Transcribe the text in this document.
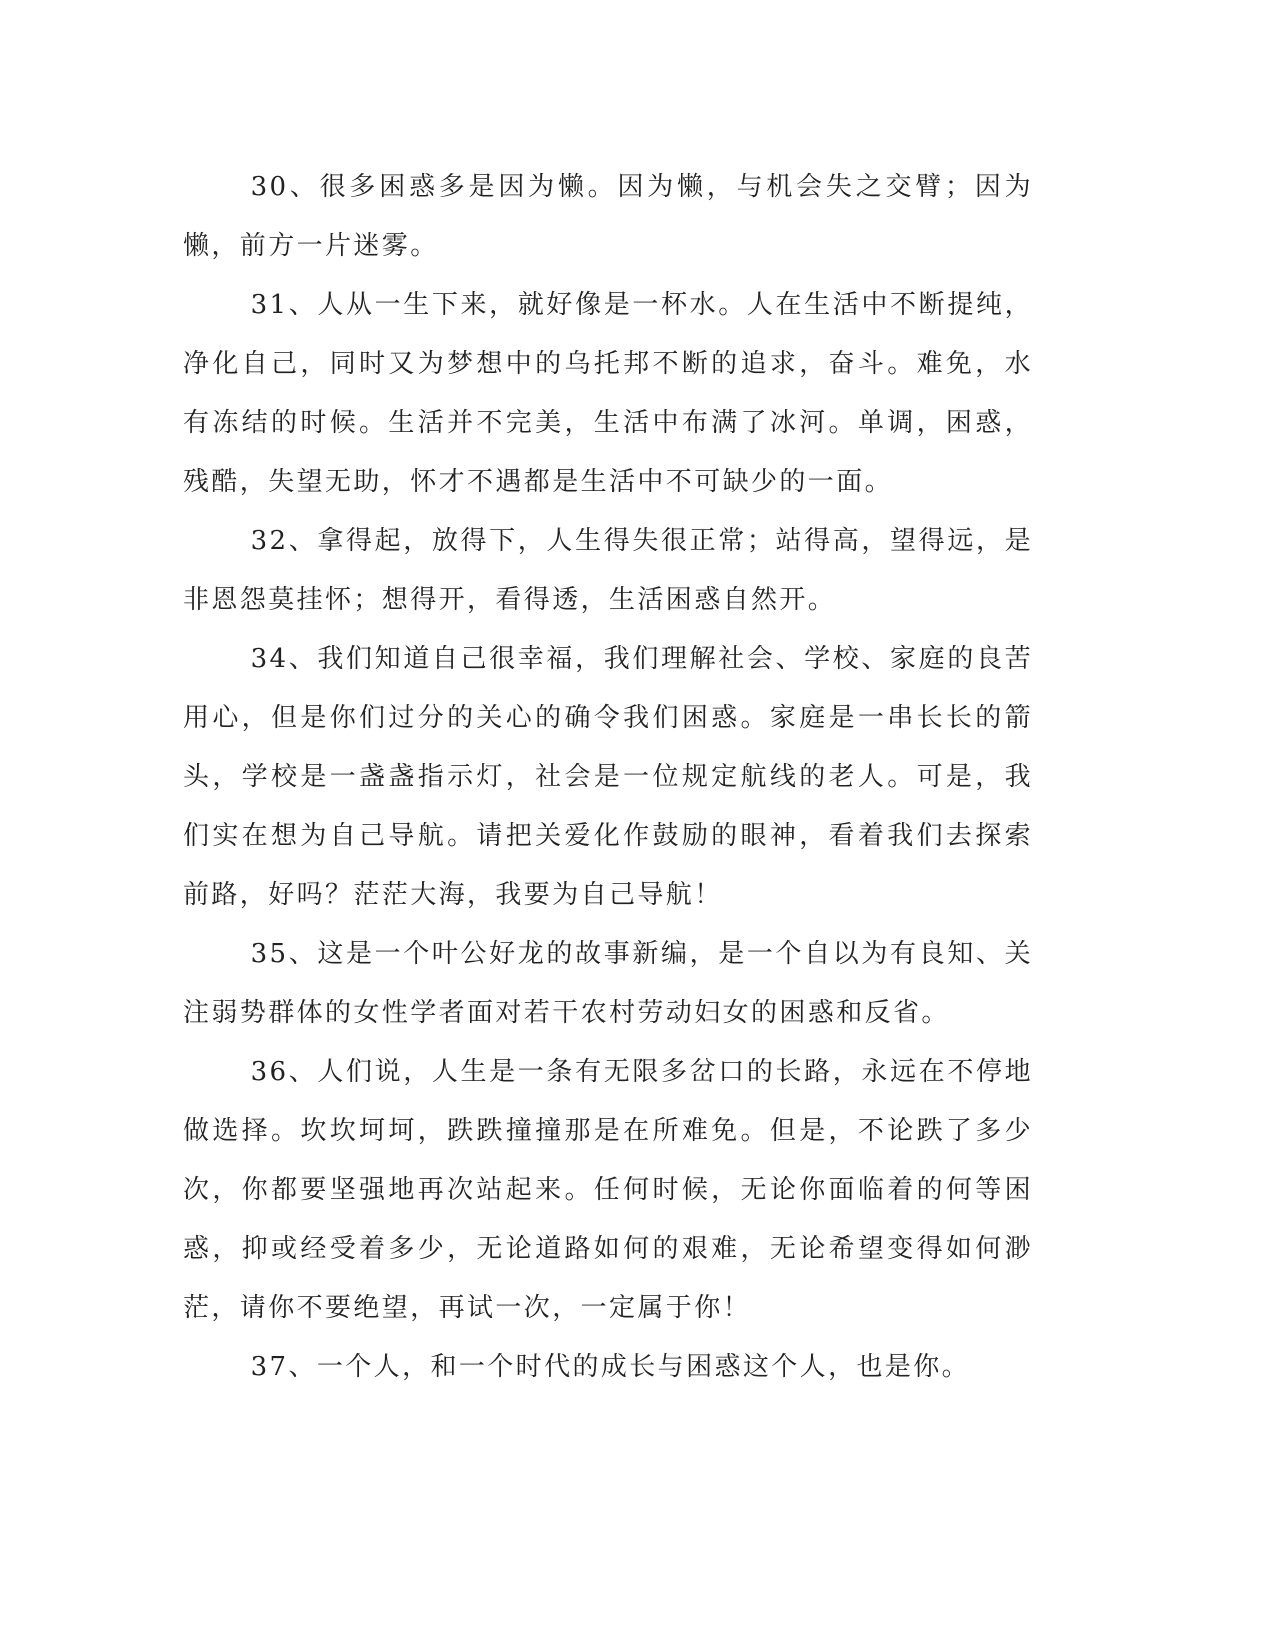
30、很多困惑多是因为懒。因为懒，与机会失之交臂；因为懒，前方一片迷雾。

31、人从一生下来，就好像是一杯水。人在生活中不断提纯，净化自己，同时又为梦想中的乌托邦不断的追求，奋斗。难免，水有冻结的时候。生活并不完美，生活中布满了冰河。单调，困惑，残酷，失望无助，怀才不遇都是生活中不可缺少的一面。

32、拿得起，放得下，人生得失很正常；站得高，望得远，是非恩怨莫挂怀；想得开，看得透，生活困惑自然开。

34、我们知道自己很幸福，我们理解社会、学校、家庭的良苦用心，但是你们过分的关心的确令我们困惑。家庭是一串长长的箭头，学校是一盏盏指示灯，社会是一位规定航线的老人。可是，我们实在想为自己导航。请把关爱化作鼓励的眼神，看着我们去探索前路，好吗？茫茫大海，我要为自己导航！

35、这是一个叶公好龙的故事新编，是一个自以为有良知、关注弱势群体的女性学者面对若干农村劳动妇女的困惑和反省。

36、人们说，人生是一条有无限多岔口的长路，永远在不停地做选择。坎坎坷坷，跌跌撞撞那是在所难免。但是，不论跌了多少次，你都要坚强地再次站起来。任何时候，无论你面临着的何等困惑，抑或经受着多少，无论道路如何的艰难，无论希望变得如何渺茫，请你不要绝望，再试一次，一定属于你！

37、一个人，和一个时代的成长与困惑这个人，也是你。
